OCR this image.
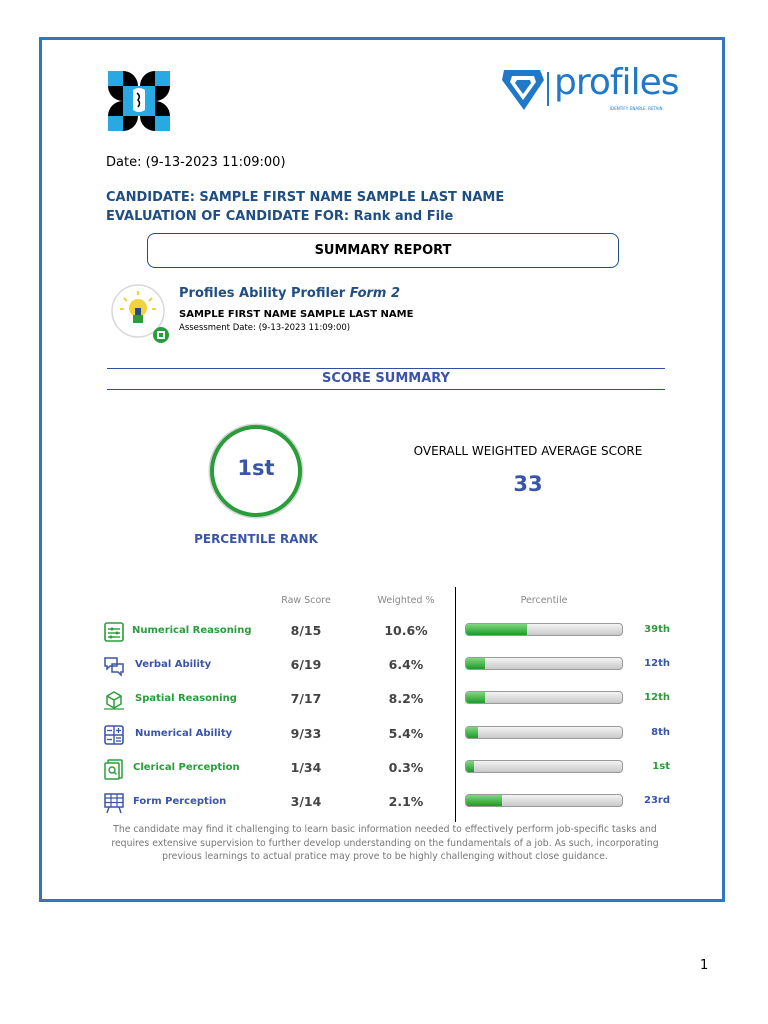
profiles
IDENTIFY. ENABLE. RETAIN.
Date: (9-13-2023 11:09:00)
CANDIDATE: SAMPLE FIRST NAME SAMPLE LAST NAME
EVALUATION OF CANDIDATE FOR: Rank and File
SUMMARY REPORT
Profiles Ability Profiler Form 2
SAMPLE FIRST NAME SAMPLE LAST NAME
Assessment Date: (9-13-2023 11:09:00)
SCORE SUMMARY
1st
PERCENTILE RANK
OVERALL WEIGHTED AVERAGE SCORE
33
Raw Score	Weighted %	Percentile
Numerical Reasoning	8/15	10.6%	39th
Verbal Ability	6/19	6.4%	12th
Spatial Reasoning	7/17	8.2%	12th
Numerical Ability	9/33	5.4%	8th
Clerical Perception	1/34	0.3%	1st
Form Perception	3/14	2.1%	23rd
The candidate may find it challenging to learn basic information needed to effectively perform job-specific tasks and requires extensive supervision to further develop understanding on the fundamentals of a job. As such, incorporating previous learnings to actual pratice may prove to be highly challenging without close guidance.
1
